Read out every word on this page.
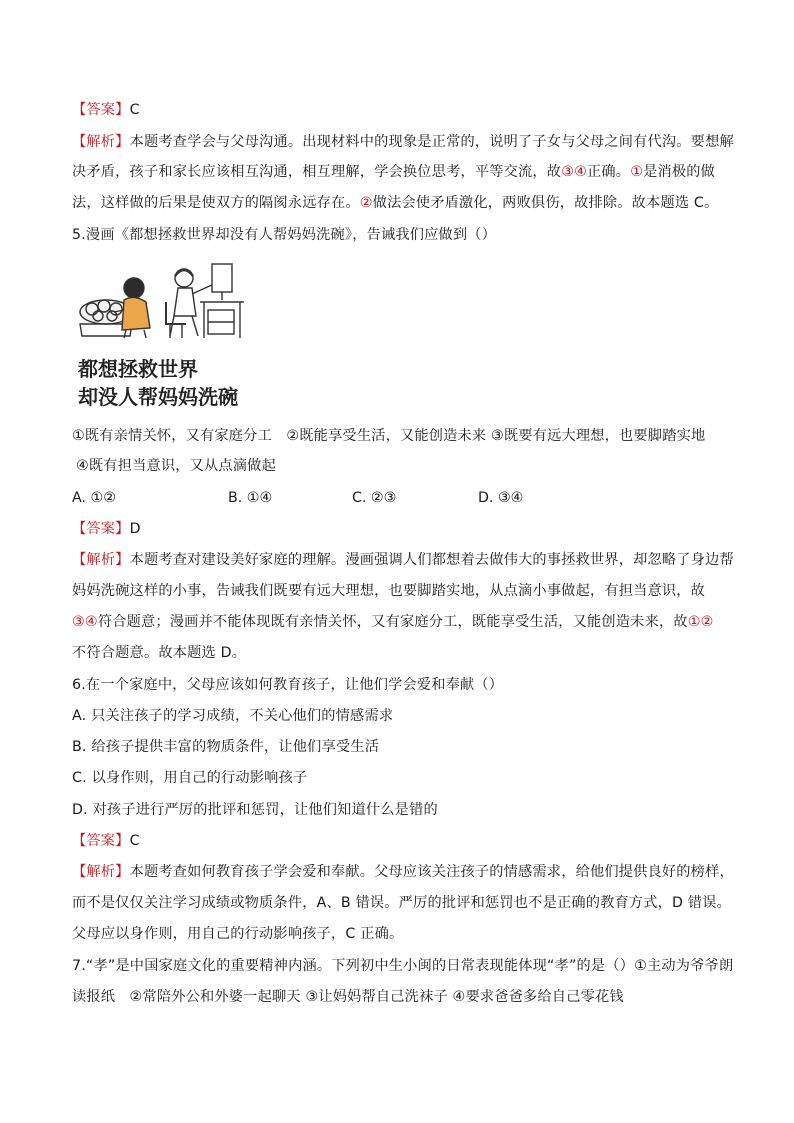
【答案】C
【解析】本题考查学会与父母沟通。出现材料中的现象是正常的，说明了子女与父母之间有代沟。要想解
决矛盾，孩子和家长应该相互沟通，相互理解，学会换位思考，平等交流，故③④正确。①是消极的做
法，这样做的后果是使双方的隔阂永远存在。②做法会使矛盾激化，两败俱伤，故排除。故本题选 C。
5.漫画《都想拯救世界却没有人帮妈妈洗碗》，告诫我们应做到（）
都想拯救世界
却没人帮妈妈洗碗
①既有亲情关怀，又有家庭分工　②既能享受生活，又能创造未来 ③既要有远大理想，也要脚踏实地
④既有担当意识，又从点滴做起
A. ①②	B. ①④	C. ②③	D. ③④
【答案】D
【解析】本题考查对建设美好家庭的理解。漫画强调人们都想着去做伟大的事拯救世界，却忽略了身边帮
妈妈洗碗这样的小事，告诫我们既要有远大理想，也要脚踏实地，从点滴小事做起，有担当意识，故
③④符合题意；漫画并不能体现既有亲情关怀，又有家庭分工，既能享受生活，又能创造未来，故①②
不符合题意。故本题选 D。
6.在一个家庭中，父母应该如何教育孩子，让他们学会爱和奉献（）
A. 只关注孩子的学习成绩，不关心他们的情感需求
B. 给孩子提供丰富的物质条件，让他们享受生活
C. 以身作则，用自己的行动影响孩子
D. 对孩子进行严厉的批评和惩罚，让他们知道什么是错的
【答案】C
【解析】本题考查如何教育孩子学会爱和奉献。父母应该关注孩子的情感需求，给他们提供良好的榜样，
而不是仅仅关注学习成绩或物质条件，A、B 错误。严厉的批评和惩罚也不是正确的教育方式，D 错误。
父母应以身作则，用自己的行动影响孩子，C 正确。
7.“孝”是中国家庭文化的重要精神内涵。下列初中生小闽的日常表现能体现“孝”的是（）①主动为爷爷朗
读报纸　②常陪外公和外婆一起聊天 ③让妈妈帮自己洗袜子 ④要求爸爸多给自己零花钱
